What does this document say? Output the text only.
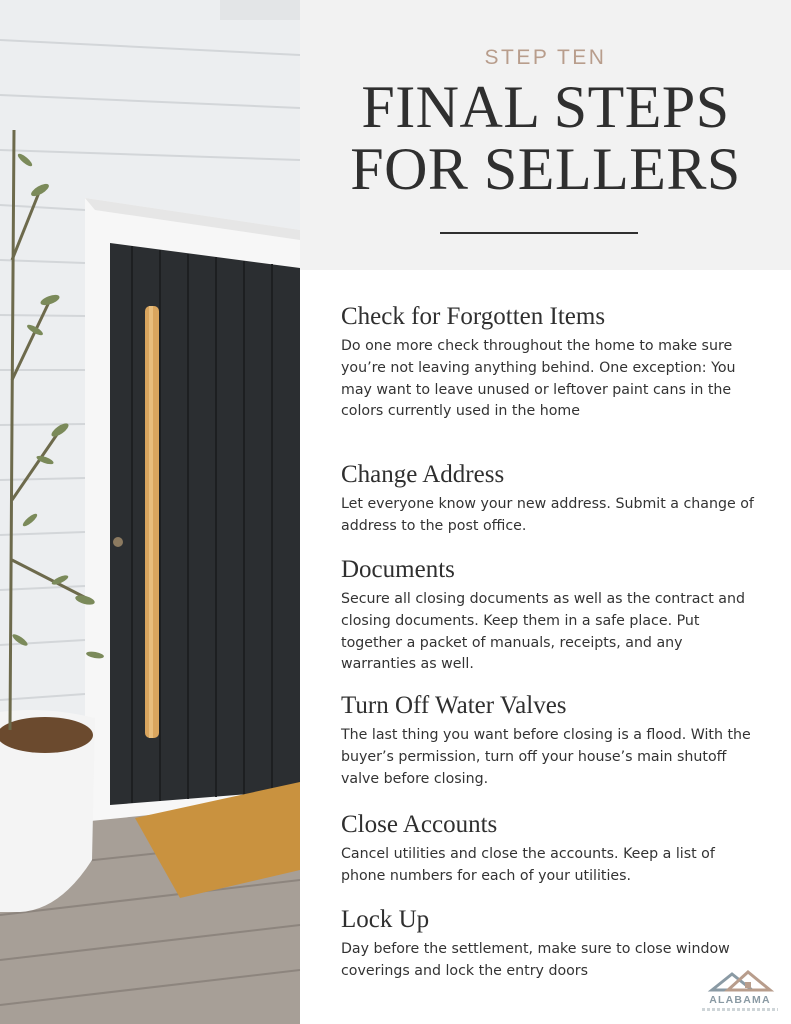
STEP TEN
FINAL STEPS
FOR SELLERS
Check for Forgotten Items

Do one more check throughout the home to make sure you’re not leaving anything behind. One exception: You may want to leave unused or leftover paint cans in the colors currently used in the home

Change Address

Let everyone know your new address. Submit a change of address to the post office.

Documents

Secure all closing documents as well as the contract and closing documents. Keep them in a safe place. Put together a packet of manuals, receipts, and any warranties as well.

Turn Off Water Valves

The last thing you want before closing is a flood. With the buyer’s permission, turn off your house’s main shutoff valve before closing.

Close Accounts

Cancel utilities and close the accounts. Keep a list of phone numbers for each of your utilities.

Lock Up

Day before the settlement, make sure to close window coverings and lock the entry doors

ALABAMA
